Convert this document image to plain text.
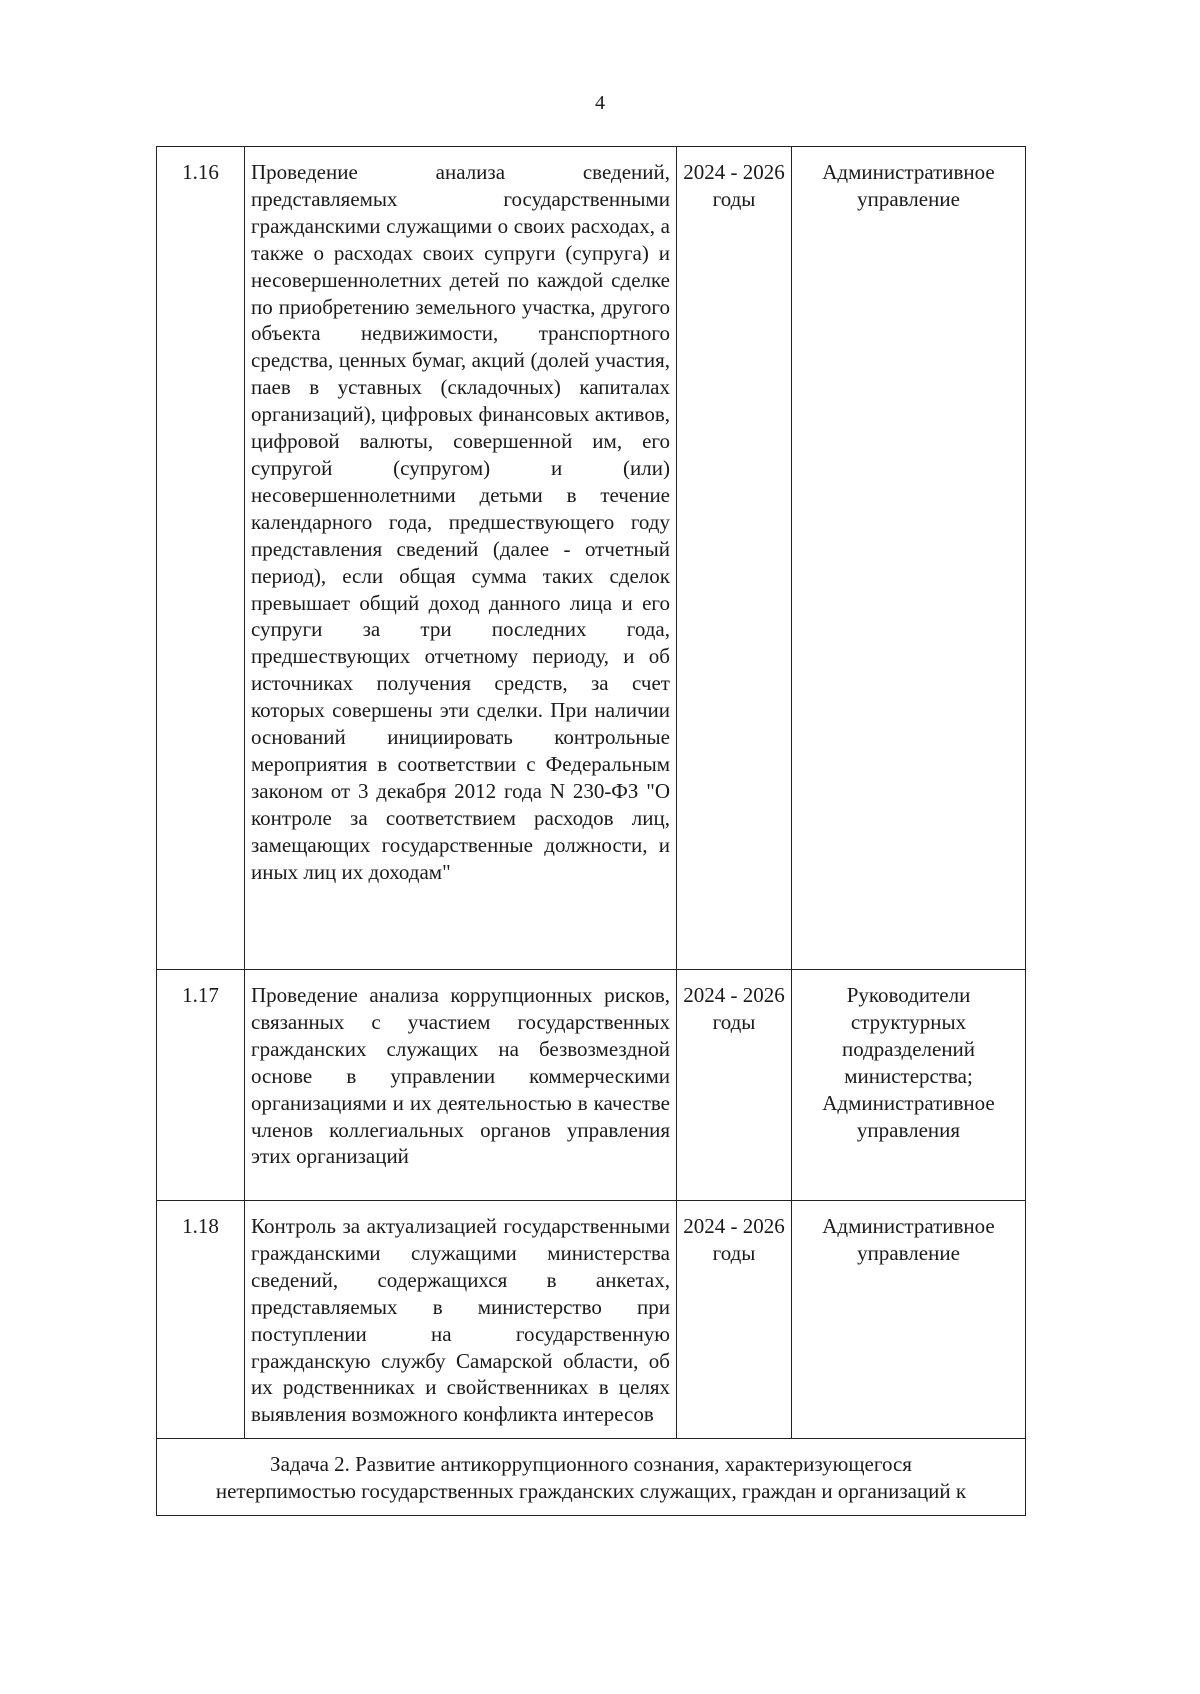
4
1.16	Проведение анализа сведений, представляемых государственными гражданскими служащими о своих расходах, а также о расходах своих супруги (супруга) и несовершеннолетних детей по каждой сделке по приобретению земельного участка, другого объекта недвижимости, транспортного средства, ценных бумаг, акций (долей участия, паев в уставных (складочных) капиталах организаций), цифровых финансовых активов, цифровой валюты, совершенной им, его супругой (супругом) и (или) несовершеннолетними детьми в течение календарного года, предшествующего году представления сведений (далее - отчетный период), если общая сумма таких сделок превышает общий доход данного лица и его супруги за три последних года, предшествующих отчетному периоду, и об источниках получения средств, за счет которых совершены эти сделки. При наличии оснований инициировать контрольные мероприятия в соответствии с Федеральным законом от 3 декабря 2012 года N 230-ФЗ "О контроле за соответствием расходов лиц, замещающих государственные должности, и иных лиц их доходам"	2024 - 2026 годы	Административное управление
1.17	Проведение анализа коррупционных рисков, связанных с участием государственных гражданских служащих на безвозмездной основе в управлении коммерческими организациями и их деятельностью в качестве членов коллегиальных органов управления этих организаций	2024 - 2026 годы	Руководители структурных подразделений министерства; Административное управления
1.18	Контроль за актуализацией государственными гражданскими служащими министерства сведений, содержащихся в анкетах, представляемых в министерство при поступлении на государственную гражданскую службу Самарской области, об их родственниках и свойственниках в целях выявления возможного конфликта интересов	2024 - 2026 годы	Административное управление

Задача 2. Развитие антикоррупционного сознания, характеризующегося
нетерпимостью государственных гражданских служащих, граждан и организаций к			
